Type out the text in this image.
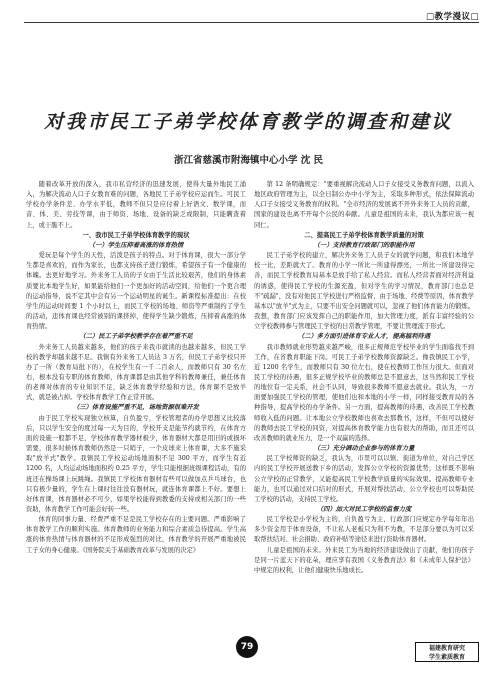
□教学漫议□
对我市民工子弟学校体育教学的调查和建议
浙江省慈溪市附海镇中心小学 沈 民

随着改革开放的深入，我市私营经济的迅速发展，使得大量外地民工涌入，为解决流动人口子女教育难的问题，各地民工子弟学校应运而生。可民工学校办学条件差、办学水平低，教师不但只是应付着上好语文、数学课，而音、体、美、劳技等课，由于师资、场地、设备的缺乏或限制，只能瞒查着上，或干脆不上。

一、我市民工子弟学校体育教学的现状

（一）学生压抑着高涨的体育热情

爱玩是每个学生的天性，活泼是孩子的特点。对于体育课，很大一部分学生都是喜欢的，而作为家长，也都支持孩子进行锻炼，希望孩子有一个健康的体魄。去更好地学习。外来务工人员的子女由于生活比较艰苦，他们的身体素质要比本地学生好，如果能给他们一个更加好的活动空间，给他们一个更合理的运动指导，说不定其中会有另一个运动明星的诞生。新课程标准提出：在校学生的运动时间要 1 个小时以上，而民工学校的场地、师资等严重制约了学生的活动，违体育课也经常被别的课挤掉，使得学生缺少锻炼，压抑着高涨的体育热情。

（二）民工子弟学校教学存在着严重不足

外来务工人员越来越多，他们的孩子来我市就读的也越来越多，但民工学校的教学却越来越不足。我镇有外来务工人员达 3 万名，但民工子弟学校只开办了一所（教育局批下的），在校学生有一千二百余人，而教师只有 30 名左右，根本没有专职的体育教师，体育课都是由其他学科的教师兼任，兼任体育的老师对体育的专业知识不足，缺乏体育教学经验和方法，体育课不是放羊式，就是被占掉。学校体育教学工作正常开展。

（三）体育设施严重不足，场地资源很难开发

由于民工学校实现独立核算，自负盈亏，学校管理者的办学思想又比较落后，只以学生安全的度过每一天为目的，学校开支是能节约就节约，在体育方面的设施一般都不足，学校体育教学器材极少，体育器材大都是用旧的或损坏需要，很多时候体育教师仍然是一只哨子，一个皮球来上体育课，大多不施采取"放羊式"教学。我镇民工学校运动场地面积不足 300 平方，而学生有近 1200 名，人均运动场地面积约 0.25 平方，学生只能根据班级课程活动，有的班还在操场课上玩跳绳。我镇民工学校体育器材有些可以做加点乒乓球台，也只有极少量的，学生在上课时往往没有器材玩，就连体育课都上不好。要想上好体育课，体育器材必不可少，如果学校能得到教委的支持或相关部门的一些资助，体育教学工作可能会好转一些。

体育的同事力量、经费严重不足是民工学校存在的主要问题。严重影响了体育教学工作的顺利实施。体育教师的业务能力和综合素质急待提高。学生高涨的体育热情与体育器材的不足形成强烈的对比，体育教学的开展严重地被民工子女的身心健康。《国务院关于基础教育改革与发展的决定》

第 12 条明确规定："要重视解决流动人口子女接受义务教育问题，以流入地区政府管理为主，以全日制公办中小学为主，采取多种形式，依法保障流动人口子女接受义务教育的权利。"全市经济的发展离不开外来务工人员的贡献，国家的建设也离不开每个公民的奉献。儿童是祖国的未来，我认为都应该一视同仁。

二、提高民工子弟学校体育教学质量的对策

（一）支持教育行政部门的职能作用

民工子弟学校的建立，解决外来务工人员子女的就学问题，和我们本地学校一比，差距就大了。教育的小学一所比一所建得漂亮，一所比一所建设得完善，而民工学校教育局基本是放手给了私人经营。而私人经营者面对经济利益的诱惑，使得民工学校的生源充盈，但对学生的学习情况，教育部门也总是不"疏漏"，没有对他民工学校进行严格监督，由于场地、经费等原因，体育教学基本以"放羊"式为主，只要不出安全问题就可以，忽视了他们体育能力的锻炼。我想，教育部门应该发挥自己的职能作用，加大管理力度，派有丰富经验的公立学校教师参与管理民工学校的日常教学管理，不要让管理流于形式。

（二）多方面引进体育专业人才，提高福利待遇

我市教师就业形势越来越严峻，很多正规师范学校毕业的学生面临找不到工作，在省教育职能下岗。可民工子弟学校教师资源缺乏。像我镇民工小学，近 1200 名学生，而教师只有 30 位左右，使在校教师工作压力很大。但面对民工学校的待遇，很多正规学校毕业的教师总是不愿意去，这当然和民工学校的地位有一定关系，社会不认同，导致很多教师不愿意去就业。我认为，一方面要加强民工学校的管理，使他们也和本地的小学一样，同样接受教育局的各种指导，提高学校的办学条件。另一方面，提高教师的待遇，改善民工学校教师收入低的问题。让本地公立学校教师也喜欢去那教书，这样，不但可以使好的教师去民工学校的同资，对提高体育教学能力也有很大的帮助，而且还可以改善教师的就业压力，是一个双赢的选择。

（三）充分调动企业参与的体育力量

民工学校师资的缺乏，我认为，市里可以以镇、街道为单位，对自己学区内的民工学校开展送教下乡的活动，发挥公立学校的资源优势，这样既不影响公立学校的正常教学，又能提高民工学校教学质量的实际效果。提高教师专业能力，也可以通过对口结对的形式，开展对帮扶活动，公立学校也可以帮助民工学校的活动，支持民工学校。

（四）加大对民工学校的监督力度

民工学校是小学校为主的，自负盈亏为主，行政部门应规定办学每年年出多少资金用于体育设备，不让私人老板只为利不为教，不足部分要以为可以采取帮扶结对、社会捐助、政府补贴等途径来进行资助体育器材。

儿童是祖国的未来。外来民工为当地的经济建设做出了贡献，他们的孩子是同一片蓝天下的花朵，理应享有我国《义务教育法》和《未成年人保护法》中规定的权利，让他们健康快乐地成长。

79	福建教育研究
学生素质教育
